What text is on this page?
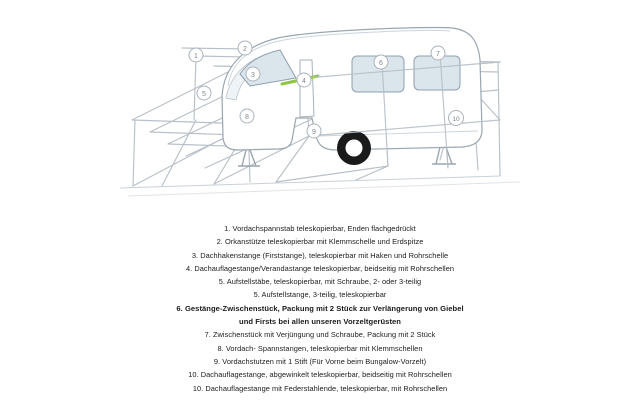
1
2
3
4
5
6
7
8
9
10
1. Vordachspannstab teleskopierbar, Enden flachgedrückt
2. Orkanstütze teleskopierbar mit Klemmschelle und Erdspitze
3. Dachhakenstange (Firststange), teleskopierbar mit Haken und Rohrschelle
4. Dachauflagestange/Verandastange teleskopierbar, beidseitig mit Rohrschellen
5. Aufstellstäbe, teleskopierbar, mit Schraube, 2- oder 3-teilig
5. Aufstellstange, 3-teilig, teleskopierbar
6. Gestänge-Zwischenstück, Packung mit 2 Stück zur Verlängerung von Giebel
und Firsts bei allen unseren Vorzeltgerüsten
7. Zwischenstück mit Verjüngung und Schraube, Packung mit 2 Stück
8. Vordach- Spannstangen, teleskopierbar mit Klemmschellen
9. Vordachstutzen mit 1 Stift (Für Vorne beim Bungalow-Vorzelt)
10. Dachauflagestange, abgewinkelt teleskopierbar, beidseitig mit Rohrschellen
10. Dachauflagestange mit Federstahlende, teleskopierbar, mit Rohrschellen
